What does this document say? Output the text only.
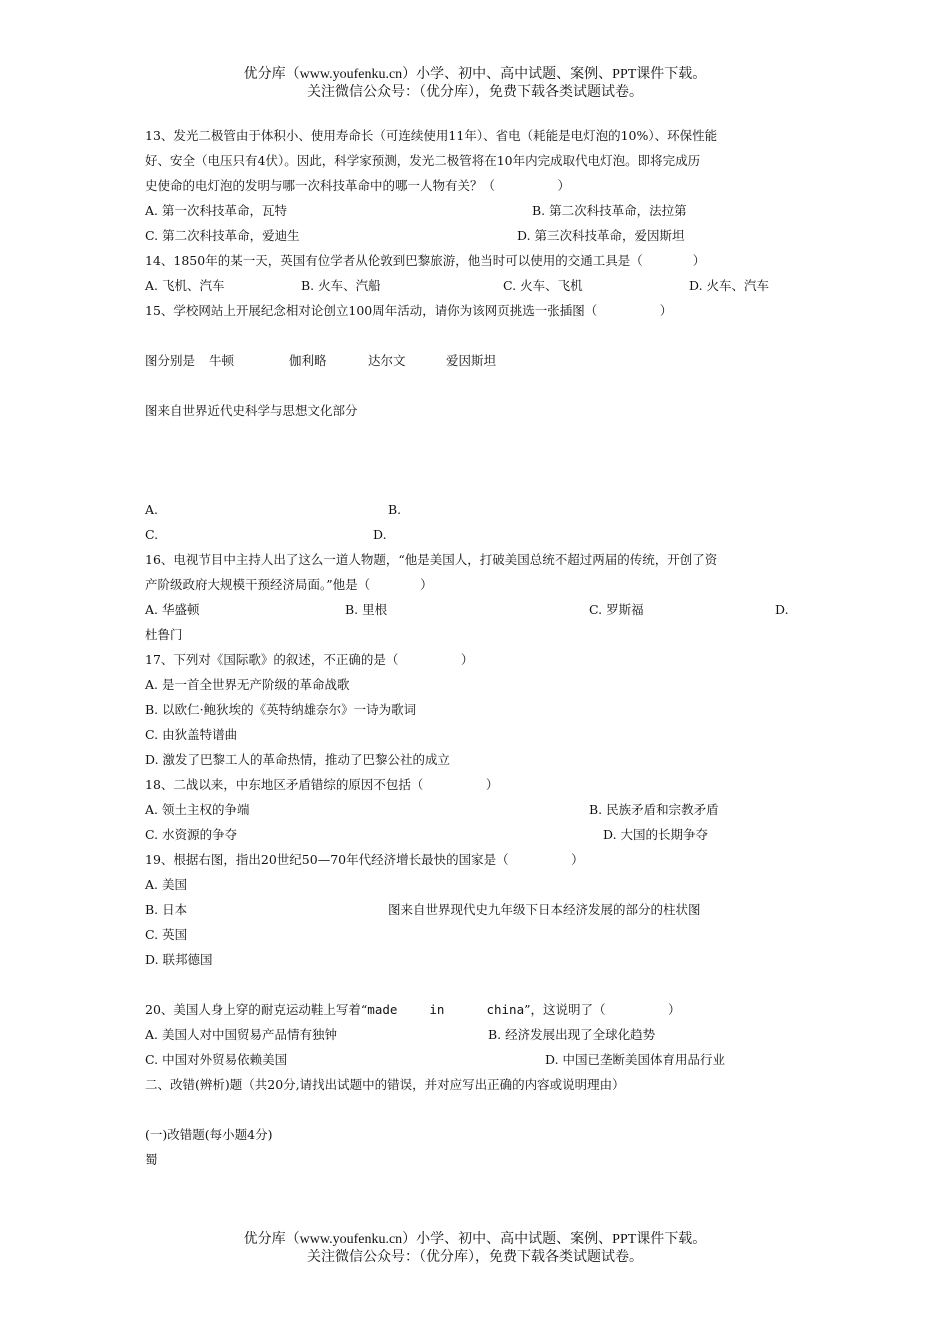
优分库（www.youfenku.cn）小学、初中、高中试题、案例、PPT课件下载。
关注微信公众号：（优分库），免费下载各类试题试卷。
13、发光二极管由于体积小、使用寿命长（可连续使用11年）、省电（耗能是电灯泡的10%）、环保性能
好、安全（电压只有4伏）。因此，科学家预测，发光二极管将在10年内完成取代电灯泡。即将完成历
史使命的电灯泡的发明与哪一次科技革命中的哪一人物有关？（　　　　　）
A. 第一次科技革命，瓦特	B. 第二次科技革命，法拉第
C. 第二次科技革命，爱迪生	D. 第三次科技革命，爱因斯坦
14、1850年的某一天，英国有位学者从伦敦到巴黎旅游，他当时可以使用的交通工具是（　　　　）
A. 飞机、汽车	B. 火车、汽船	C. 火车、飞机	D. 火车、汽车
15、学校网站上开展纪念相对论创立100周年活动，请你为该网页挑选一张插图（　　　　　）
图分别是 牛顿	伽利略	达尔文	爱因斯坦
图来自世界近代史科学与思想文化部分
A.	B.
C.	D.
16、电视节目中主持人出了这么一道人物题，“他是美国人，打破美国总统不超过两届的传统，开创了资
产阶级政府大规模干预经济局面。”他是（　　　　）
A. 华盛顿	B. 里根	C. 罗斯福	D.
杜鲁门
17、下列对《国际歌》的叙述，不正确的是（　　　　　）
A. 是一首全世界无产阶级的革命战歌
B. 以欧仁·鲍狄埃的《英特纳雄奈尔》一诗为歌词
C. 由狄盖特谱曲
D. 激发了巴黎工人的革命热情，推动了巴黎公社的成立
18、二战以来，中东地区矛盾错综的原因不包括（　　　　　）
A. 领土主权的争端	B. 民族矛盾和宗教矛盾
C. 水资源的争夺	D. 大国的长期争夺
19、根据右图，指出20世纪50—70年代经济增长最快的国家是（　　　　　）
A. 美国
B. 日本	图来自世界现代史九年级下日本经济发展的部分的柱状图
C. 英国
D. 联邦德国
20、美国人身上穿的耐克运动鞋上写着“made	in	china”，这说明了（　　　　　）
A. 美国人对中国贸易产品情有独钟	B. 经济发展出现了全球化趋势
C. 中国对外贸易依赖美国	D. 中国已垄断美国体育用品行业
二、改错(辨析)题（共20分,请找出试题中的错误，并对应写出正确的内容或说明理由）
(一)改错题(每小题4分)
蜀
优分库（www.youfenku.cn）小学、初中、高中试题、案例、PPT课件下载。
关注微信公众号：（优分库），免费下载各类试题试卷。
